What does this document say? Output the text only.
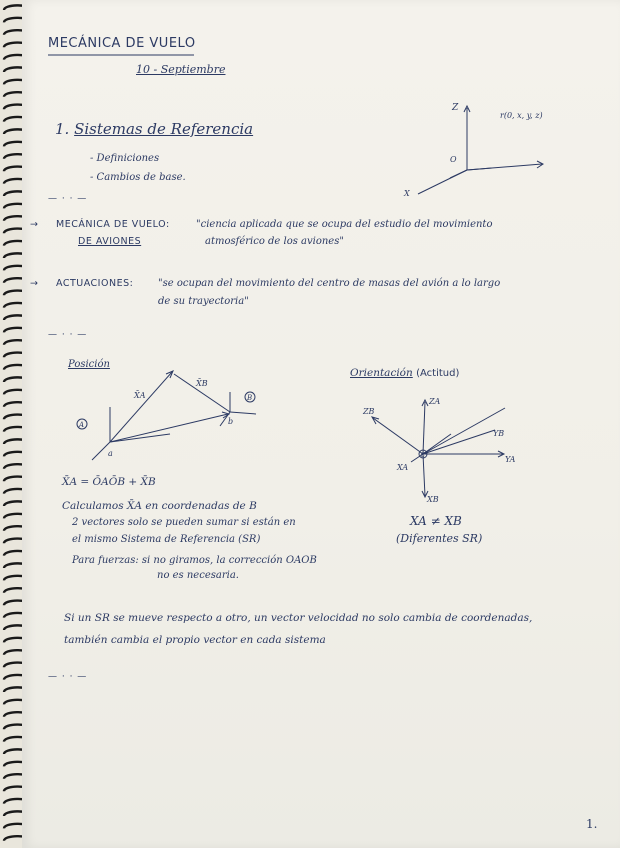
MECÁNICA DE VUELO
10 - Septiembre
1. Sistemas de Referencia
- Definiciones
- Cambios de base.
Z
X
O
r(0, x, y, z)
— · · —
→ MECÁNICA DE VUELO:
DE AVIONES
"ciencia aplicada que se ocupa del estudio del movimiento
atmosférico de los aviones"
→ ACTUACIONES: "se ocupan del movimiento del centro de masas del avión a lo largo
de su trayectoria"
— · · —
Posición
A
B
a
b
X̄A
X̄B
Orientación (Actitud)
C
ZB
ZA
XA
XB
YA
YB
X̄A = ŌAŌB + X̄B
Calculamos X̄A en coordenadas de B
2 vectores solo se pueden sumar si están en
el mismo Sistema de Referencia (SR)
Para fuerzas: si no giramos, la corrección OAOB
no es necesaria.
XA ≠ XB
(Diferentes SR)
Si un SR se mueve respecto a otro, un vector velocidad no solo cambia de coordenadas,
también cambia el propio vector en cada sistema
— · · —
1.
